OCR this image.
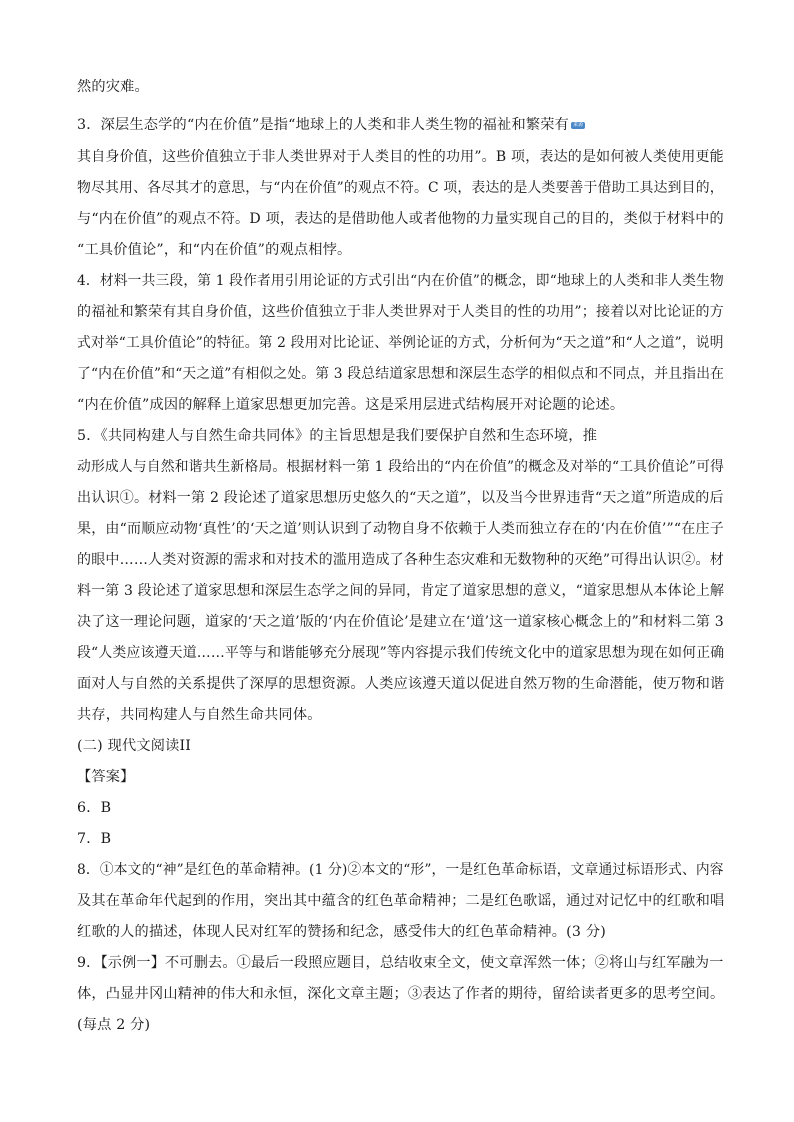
然的灾难。
3．深层生态学的“内在价值”是指“地球上的人类和非人类生物的福祉和繁荣有 来源
其自身价值，这些价值独立于非人类世界对于人类目的性的功用”。B 项，表达的是如何被人类使用更能
物尽其用、各尽其才的意思，与“内在价值”的观点不符。C 项，表达的是人类要善于借助工具达到目的，
与“内在价值”的观点不符。D 项，表达的是借助他人或者他物的力量实现自己的目的，类似于材料中的
“工具价值论”，和“内在价值”的观点相悖。
4．材料一共三段，第 1 段作者用引用论证的方式引出“内在价值”的概念，即“地球上的人类和非人类生物
的福祉和繁荣有其自身价值，这些价值独立于非人类世界对于人类目的性的功用”；接着以对比论证的方
式对举“工具价值论”的特征。第 2 段用对比论证、举例论证的方式，分析何为“天之道”和“人之道”，说明
了“内在价值”和“天之道”有相似之处。第 3 段总结道家思想和深层生态学的相似点和不同点，并且指出在
“内在价值”成因的解释上道家思想更加完善。这是采用层进式结构展开对论题的论述。
5．《共同构建人与自然生命共同体》的主旨思想是我们要保护自然和生态环境，推
动形成人与自然和谐共生新格局。根据材料一第 1 段给出的“内在价值”的概念及对举的“工具价值论”可得
出认识①。材料一第 2 段论述了道家思想历史悠久的“天之道”，以及当今世界违背“天之道”所造成的后
果，由“而顺应动物‘真性’的‘天之道’则认识到了动物自身不依赖于人类而独立存在的‘内在价值’”“在庄子
的眼中……人类对资源的需求和对技术的滥用造成了各种生态灾难和无数物种的灭绝”可得出认识②。材
料一第 3 段论述了道家思想和深层生态学之间的异同，肯定了道家思想的意义，“道家思想从本体论上解
决了这一理论问题，道家的‘天之道’版的‘内在价值论’是建立在‘道’这一道家核心概念上的”和材料二第 3
段“人类应该遵天道……平等与和谐能够充分展现”等内容提示我们传统文化中的道家思想为现在如何正确
面对人与自然的关系提供了深厚的思想资源。人类应该遵天道以促进自然万物的生命潜能，使万物和谐
共存，共同构建人与自然生命共同体。
(二) 现代文阅读II
【答案】
6．B
7．B
8．①本文的“神”是红色的革命精神。(1 分)②本文的“形”，一是红色革命标语，文章通过标语形式、内容
及其在革命年代起到的作用，突出其中蕴含的红色革命精神；二是红色歌谣，通过对记忆中的红歌和唱
红歌的人的描述，体现人民对红军的赞扬和纪念，感受伟大的红色革命精神。(3 分)
9．【示例一】不可删去。①最后一段照应题目，总结收束全文，使文章浑然一体；②将山与红军融为一
体，凸显井冈山精神的伟大和永恒，深化文章主题；③表达了作者的期待，留给读者更多的思考空间。
(每点 2 分)
